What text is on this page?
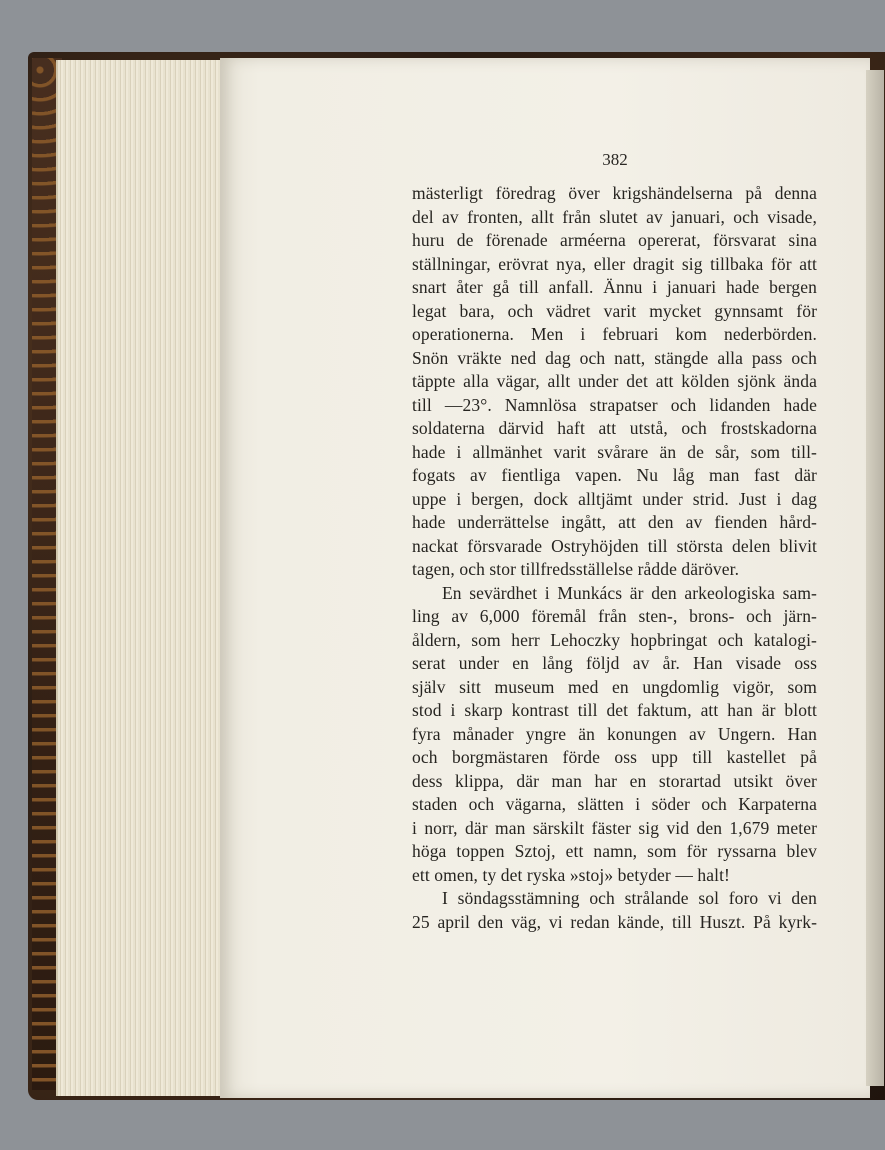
382
mästerligt föredrag över krigshändelserna på denna
del av fronten, allt från slutet av januari, och visade,
huru de förenade arméerna opererat, försvarat sina
ställningar, erövrat nya, eller dragit sig tillbaka för att
snart åter gå till anfall. Ännu i januari hade bergen
legat bara, och vädret varit mycket gynnsamt för
operationerna. Men i februari kom nederbörden.
Snön vräkte ned dag och natt, stängde alla pass och
täppte alla vägar, allt under det att kölden sjönk ända
till —23°. Namnlösa strapatser och lidanden hade
soldaterna därvid haft att utstå, och frostskadorna
hade i allmänhet varit svårare än de sår, som till-
fogats av fientliga vapen. Nu låg man fast där
uppe i bergen, dock alltjämt under strid. Just i dag
hade underrättelse ingått, att den av fienden hård-
nackat försvarade Ostryhöjden till största delen blivit
tagen, och stor tillfredsställelse rådde däröver.
En sevärdhet i Munkács är den arkeologiska sam-
ling av 6,000 föremål från sten-, brons- och järn-
åldern, som herr Lehoczky hopbringat och katalogi-
serat under en lång följd av år. Han visade oss
själv sitt museum med en ungdomlig vigör, som
stod i skarp kontrast till det faktum, att han är blott
fyra månader yngre än konungen av Ungern. Han
och borgmästaren förde oss upp till kastellet på
dess klippa, där man har en storartad utsikt över
staden och vägarna, slätten i söder och Karpaterna
i norr, där man särskilt fäster sig vid den 1,679 meter
höga toppen Sztoj, ett namn, som för ryssarna blev
ett omen, ty det ryska »stoj» betyder — halt!
I söndagsstämning och strålande sol foro vi den
25 april den väg, vi redan kände, till Huszt. På kyrk-
